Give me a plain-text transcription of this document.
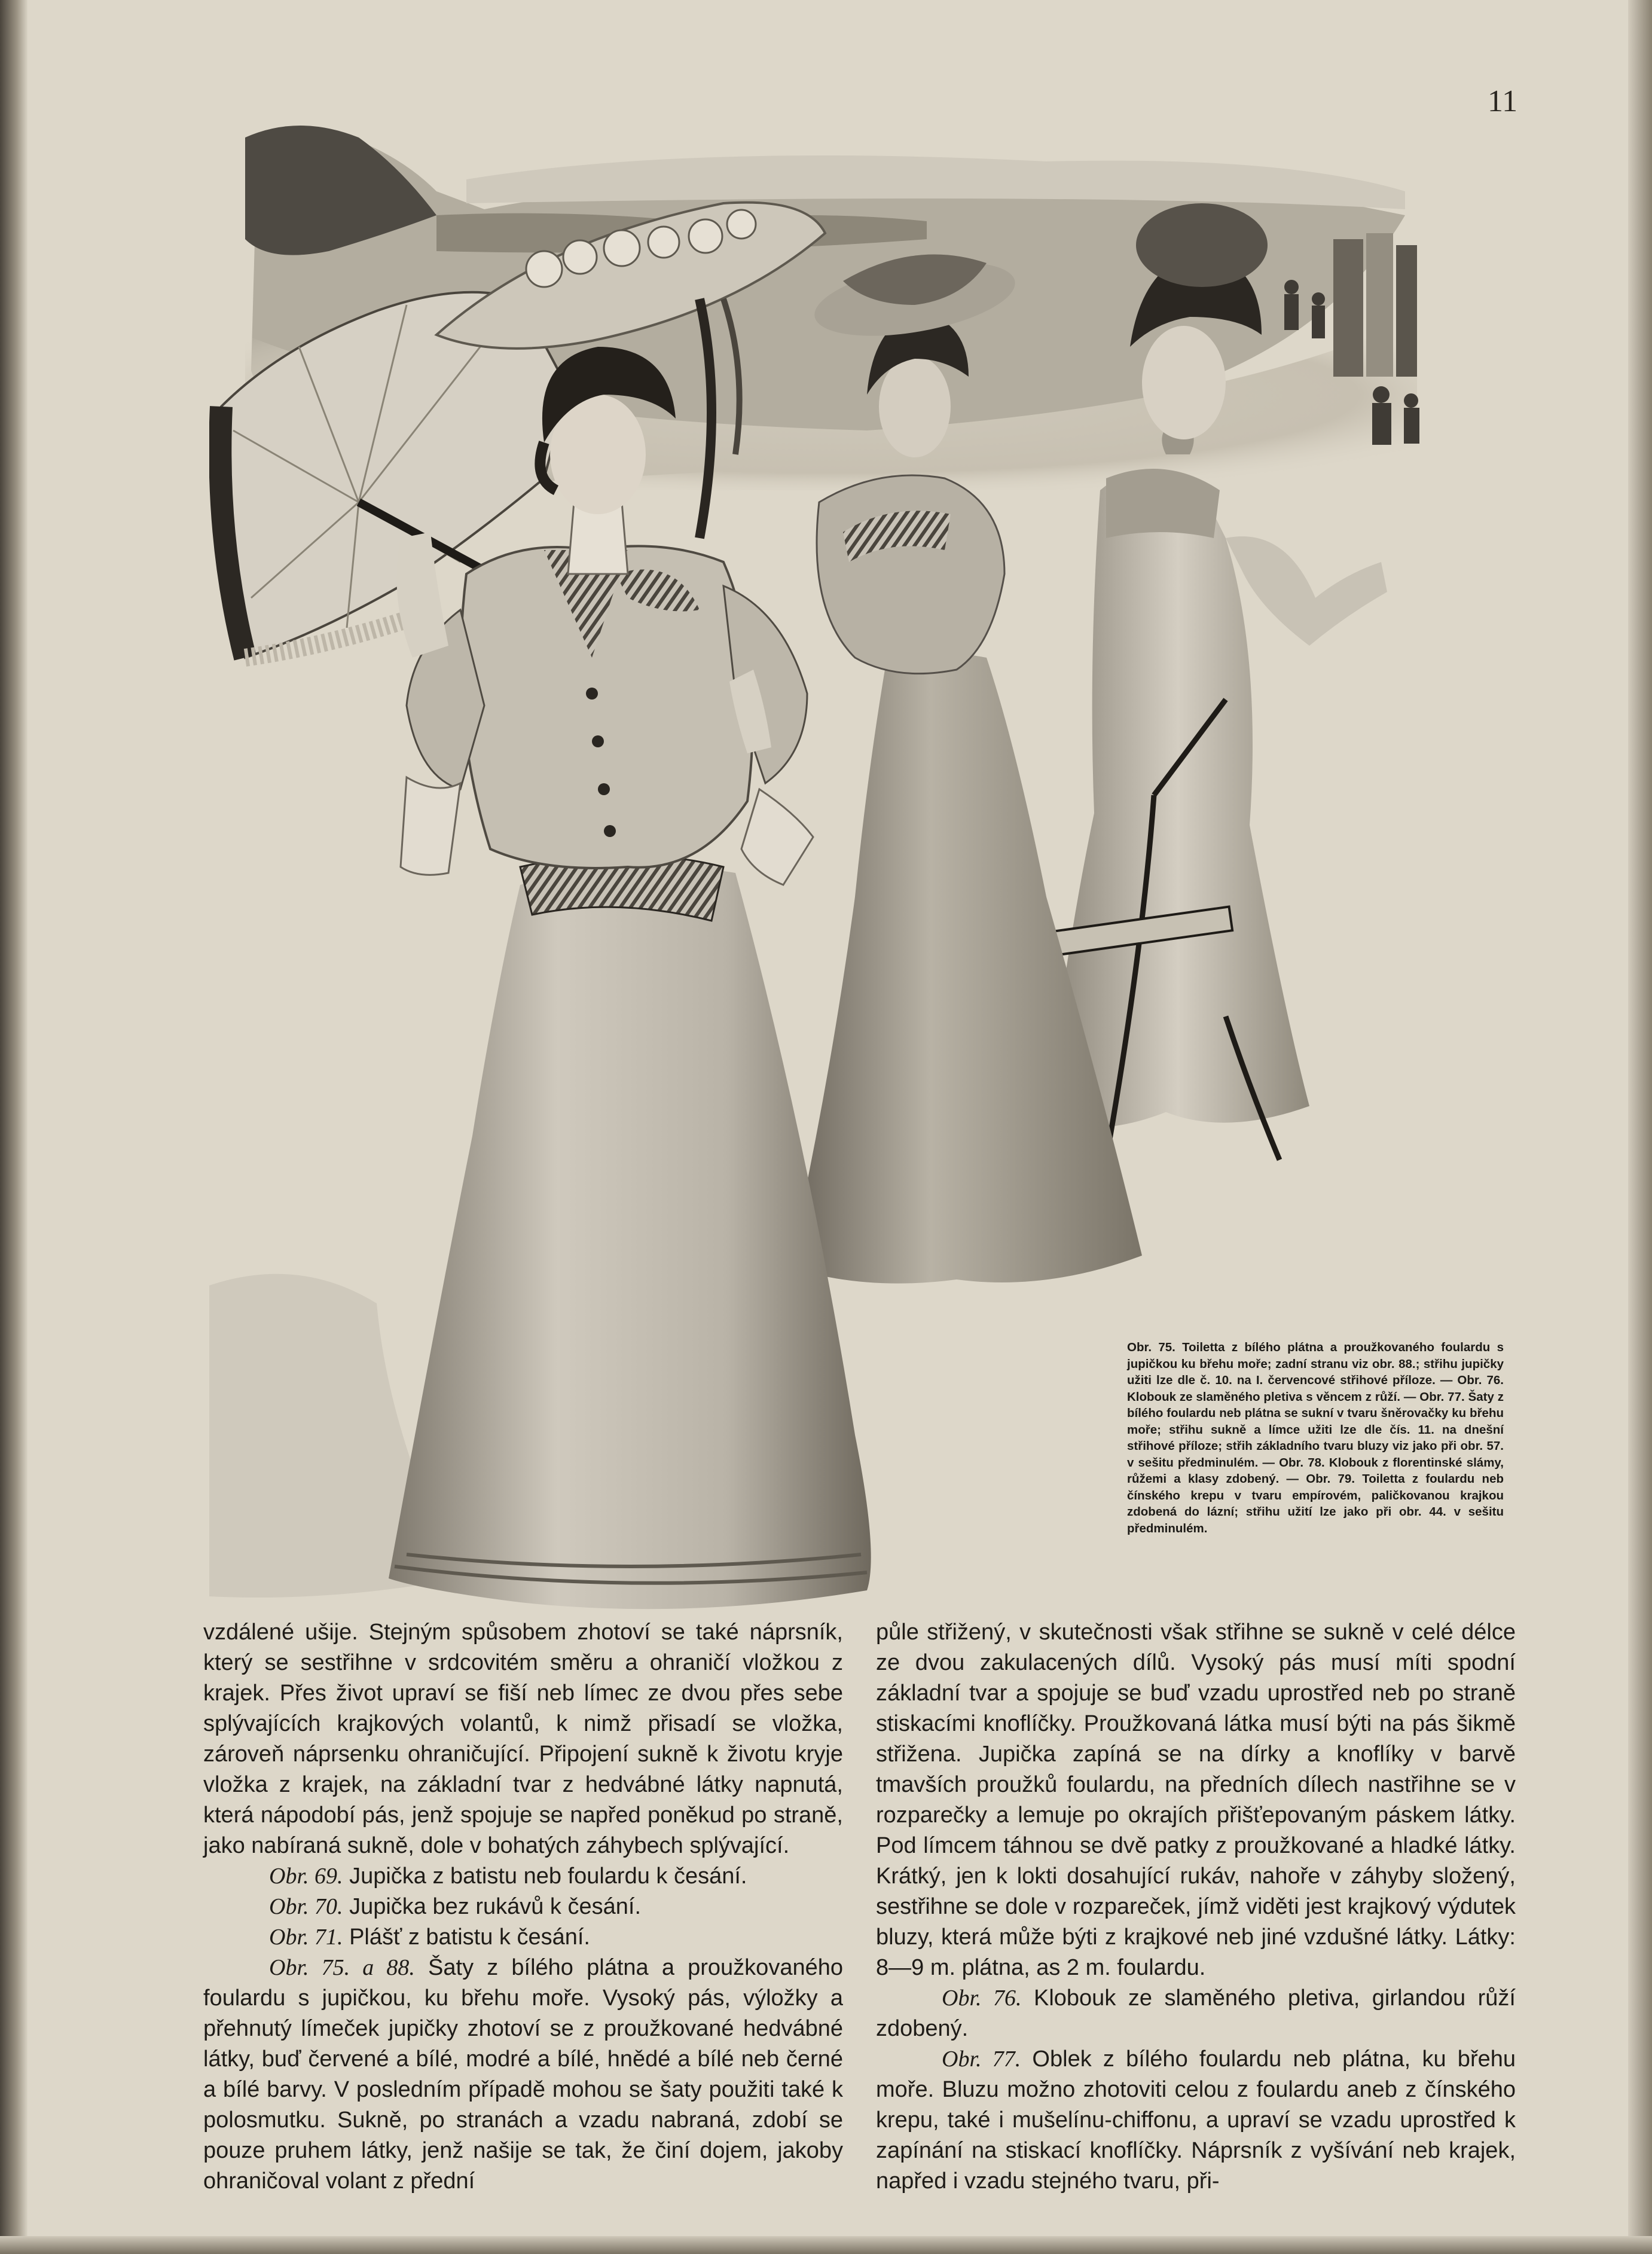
11
Obr. 75. Toiletta z bílého plátna a proužkovaného foulardu s jupičkou ku břehu moře; zadní stranu viz obr. 88.; střihu jupičky užiti lze dle č. 10. na I. červencové střihové příloze. — Obr. 76. Klobouk ze slaměného pletiva s věncem z růží. — Obr. 77. Šaty z bílého foulardu neb plátna se sukní v tvaru šněrovačky ku břehu moře; střihu sukně a límce užiti lze dle čís. 11. na dnešní střihové příloze; střih základního tvaru bluzy viz jako při obr. 57. v sešitu předminulém. — Obr. 78. Klobouk z florentinské slámy, růžemi a klasy zdobený. — Obr. 79. Toiletta z foulardu neb čínského krepu v tvaru empírovém, paličkovanou krajkou zdobená do lázní; střihu užití lze jako při obr. 44. v sešitu předminulém.

vzdálené ušije. Stejným spůsobem zhotoví se také náprsník, který se sestřihne v srdcovitém směru a ohraničí vložkou z krajek. Přes život upraví se fiší neb límec ze dvou přes sebe splývajících krajkových volantů, k nimž přisadí se vložka, zároveň náprsenku ohraničující. Připojení sukně k životu kryje vložka z krajek, na základní tvar z hedvábné látky napnutá, která nápodobí pás, jenž spojuje se napřed poněkud po straně, jako nabíraná sukně, dole v bohatých záhybech splývající.

Obr. 69. Jupička z batistu neb foulardu k česání.

Obr. 70. Jupička bez rukávů k česání.

Obr. 71. Plášť z batistu k česání.

Obr. 75. a 88. Šaty z bílého plátna a proužkovaného foulardu s jupičkou, ku břehu moře. Vysoký pás, výložky a přehnutý límeček jupičky zhotoví se z proužkované hedvábné látky, buď červené a bílé, modré a bílé, hnědé a bílé neb černé a bílé barvy. V posledním případě mohou se šaty použiti také k polosmutku. Sukně, po stranách a vzadu nabraná, zdobí se pouze pruhem látky, jenž našije se tak, že činí dojem, jakoby ohraničoval volant z přední

půle střižený, v skutečnosti však střihne se sukně v celé délce ze dvou zakulacených dílů. Vysoký pás musí míti spodní základní tvar a spojuje se buď vzadu uprostřed neb po straně stiskacími knoflíčky. Proužkovaná látka musí býti na pás šikmě střižena. Jupička zapíná se na dírky a knoflíky v barvě tmavších proužků foulardu, na předních dílech nastřihne se v rozparečky a lemuje po okrajích přišťepovaným páskem látky. Pod límcem táhnou se dvě patky z proužkované a hladké látky. Krátký, jen k lokti dosahující rukáv, nahoře v záhyby složený, sestřihne se dole v rozpareček, jímž viděti jest krajkový výdutek bluzy, která může býti z krajkové neb jiné vzdušné látky. Látky: 8—9 m. plátna, as 2 m. foulardu.

Obr. 76. Klobouk ze slaměného pletiva, girlandou růží zdobený.

Obr. 77. Oblek z bílého foulardu neb plátna, ku břehu moře. Bluzu možno zhotoviti celou z foulardu aneb z čínského krepu, také i mušelínu-chiffonu, a upraví se vzadu uprostřed k zapínání na stiskací knoflíčky. Náprsník z vyšívání neb krajek, napřed i vzadu stejného tvaru, při-
